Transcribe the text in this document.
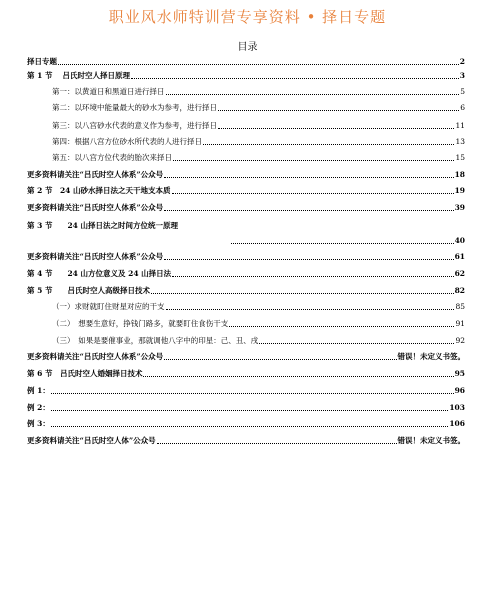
职业风水师特训营专享资料 • 择日专题
目录
择日专题	2
第 1 节　 吕氏时空人择日原理	3
第一：以黄道日和黑道日进行择日	5
第二：以环境中能量最大的砂水为参考，进行择日	6
第三：以八宫砂水代表的意义作为参考，进行择日	11
第四：根据八宫方位砂水所代表的人进行择日	13
第五：以八宫方位代表的胎次来择日	15
更多资料请关注“吕氏时空人体系”公众号	18
第 2 节　24 山砂水择日法之天干地支本质	19
更多资料请关注“吕氏时空人体系”公众号	39
第 3 节　　24 山择日法之时间方位统一原理
40
更多资料请关注“吕氏时空人体系”公众号	61
第 4 节　　24 山方位意义及 24 山择日法	62
第 5 节　　吕氏时空人高级择日技术	82
（一）求财就盯住财星对应的干支	85
（二）　想要生意好，挣钱门路多，就要盯住食伤干支	91
（三）　如果是要催事业，那就调他八字中的印星：己、丑、戌	92
更多资料请关注“吕氏时空人体系”公众号	错误！未定义书签。
第 6 节　吕氏时空人婚姻择日技术	95
例 1：	96
例 2：	103
例 3：	106
更多资料请关注“吕氏时空人体”公众号	错误！未定义书签。
